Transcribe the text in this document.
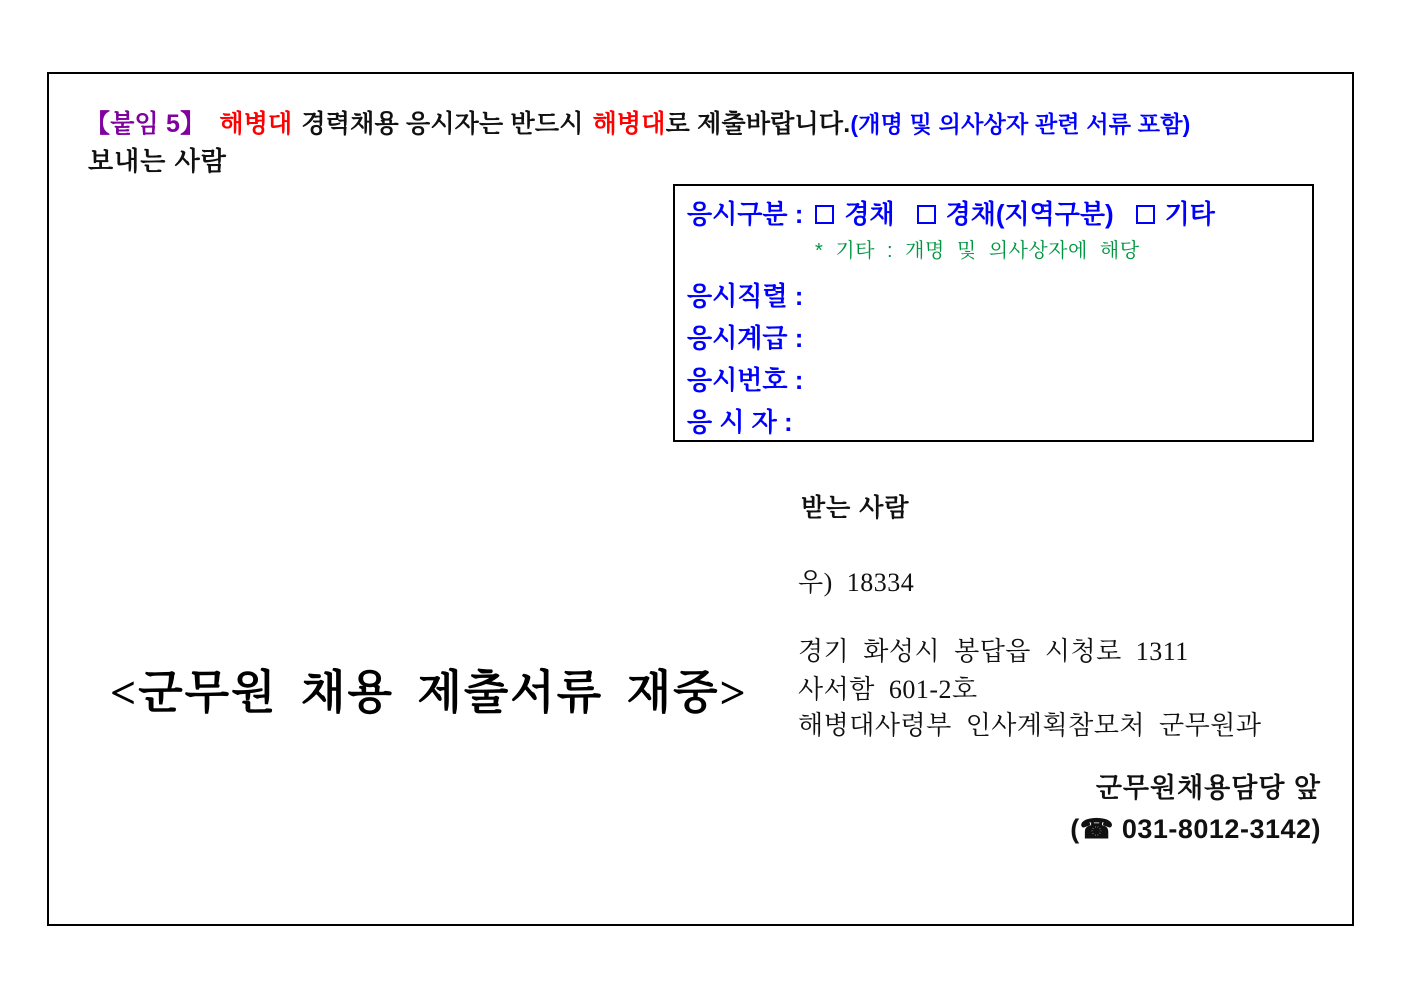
【붙임 5】 해병대 경력채용 응시자는 반드시 해병대로 제출바랍니다.(개명 및 의사상자 관련 서류 포함)
보내는 사람
응시구분 : 경채 경채(지역구분) 기타
* 기타 : 개명 및 의사상자에 해당
응시직렬 :
응시계급 :
응시번호 :
응 시 자 :
받는 사람
우) 18334
경기 화성시 봉답읍 시청로 1311
사서함 601-2호
해병대사령부 인사계획참모처 군무원과
<군무원 채용 제출서류 재중>
군무원채용담당 앞
(☎ 031-8012-3142)
